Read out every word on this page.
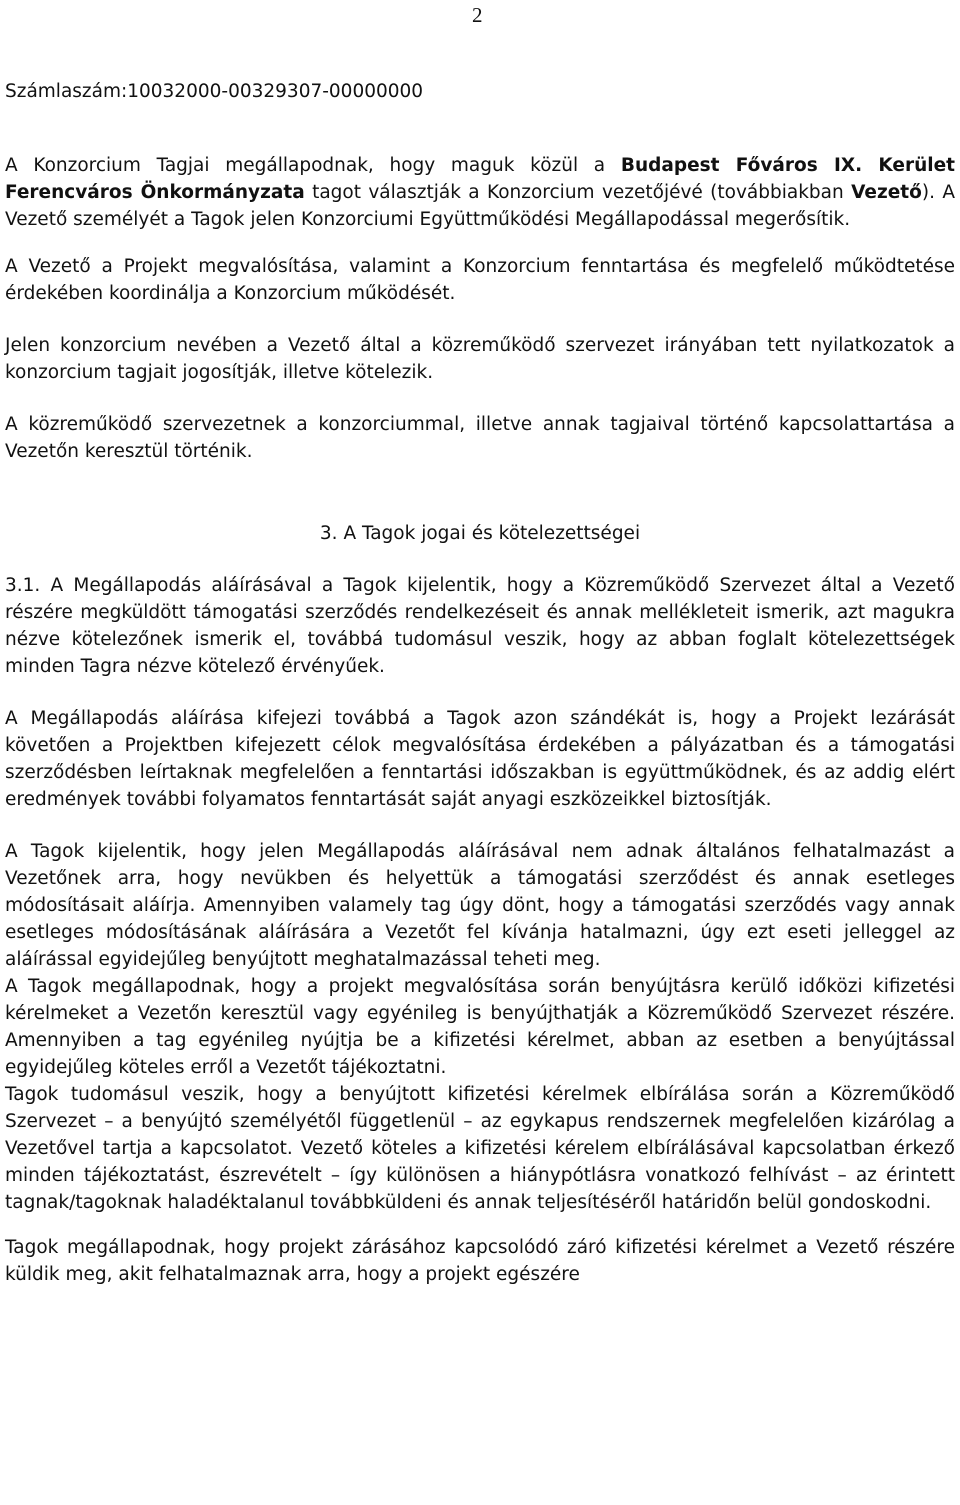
2

Számlaszám:10032000-00329307-00000000

A Konzorcium Tagjai megállapodnak, hogy maguk közül a Budapest Főváros IX. Kerület Ferencváros Önkormányzata tagot választják a Konzorcium vezetőjévé (továbbiakban Vezető). A Vezető személyét a Tagok jelen Konzorciumi Együttműködési Megállapodással megerősítik.

A Vezető a Projekt megvalósítása, valamint a Konzorcium fenntartása és megfelelő működtetése érdekében koordinálja a Konzorcium működését.

Jelen konzorcium nevében a Vezető által a közreműködő szervezet irányában tett nyilatkozatok a konzorcium tagjait jogosítják, illetve kötelezik.

A közreműködő szervezetnek a konzorciummal, illetve annak tagjaival történő kapcsolattartása a Vezetőn keresztül történik.

3. A Tagok jogai és kötelezettségei

3.1. A Megállapodás aláírásával a Tagok kijelentik, hogy a Közreműködő Szervezet által a Vezető részére megküldött támogatási szerződés rendelkezéseit és annak mellékleteit ismerik, azt magukra nézve kötelezőnek ismerik el, továbbá tudomásul veszik, hogy az abban foglalt kötelezettségek minden Tagra nézve kötelező érvényűek.

A Megállapodás aláírása kifejezi továbbá a Tagok azon szándékát is, hogy a Projekt lezárását követően a Projektben kifejezett célok megvalósítása érdekében a pályázatban és a támogatási szerződésben leírtaknak megfelelően a fenntartási időszakban is együttműködnek, és az addig elért eredmények további folyamatos fenntartását saját anyagi eszközeikkel biztosítják.

A Tagok kijelentik, hogy jelen Megállapodás aláírásával nem adnak általános felhatalmazást a Vezetőnek arra, hogy nevükben és helyettük a támogatási szerződést és annak esetleges módosításait aláírja. Amennyiben valamely tag úgy dönt, hogy a támogatási szerződés vagy annak esetleges módosításának aláírására a Vezetőt fel kívánja hatalmazni, úgy ezt eseti jelleggel az aláírással egyidejűleg benyújtott meghatalmazással teheti meg.

A Tagok megállapodnak, hogy a projekt megvalósítása során benyújtásra kerülő időközi kifizetési kérelmeket a Vezetőn keresztül vagy egyénileg is benyújthatják a Közreműködő Szervezet részére. Amennyiben a tag egyénileg nyújtja be a kifizetési kérelmet, abban az esetben a benyújtással egyidejűleg köteles erről a Vezetőt tájékoztatni.

Tagok tudomásul veszik, hogy a benyújtott kifizetési kérelmek elbírálása során a Közreműködő Szervezet – a benyújtó személyétől függetlenül – az egykapus rendszernek megfelelően kizárólag a Vezetővel tartja a kapcsolatot. Vezető köteles a kifizetési kérelem elbírálásával kapcsolatban érkező minden tájékoztatást, észrevételt – így különösen a hiánypótlásra vonatkozó felhívást – az érintett tagnak/tagoknak haladéktalanul továbbküldeni és annak teljesítéséről határidőn belül gondoskodni.

Tagok megállapodnak, hogy projekt zárásához kapcsolódó záró kifizetési kérelmet a Vezető részére küldik meg, akit felhatalmaznak arra, hogy a projekt egészére
